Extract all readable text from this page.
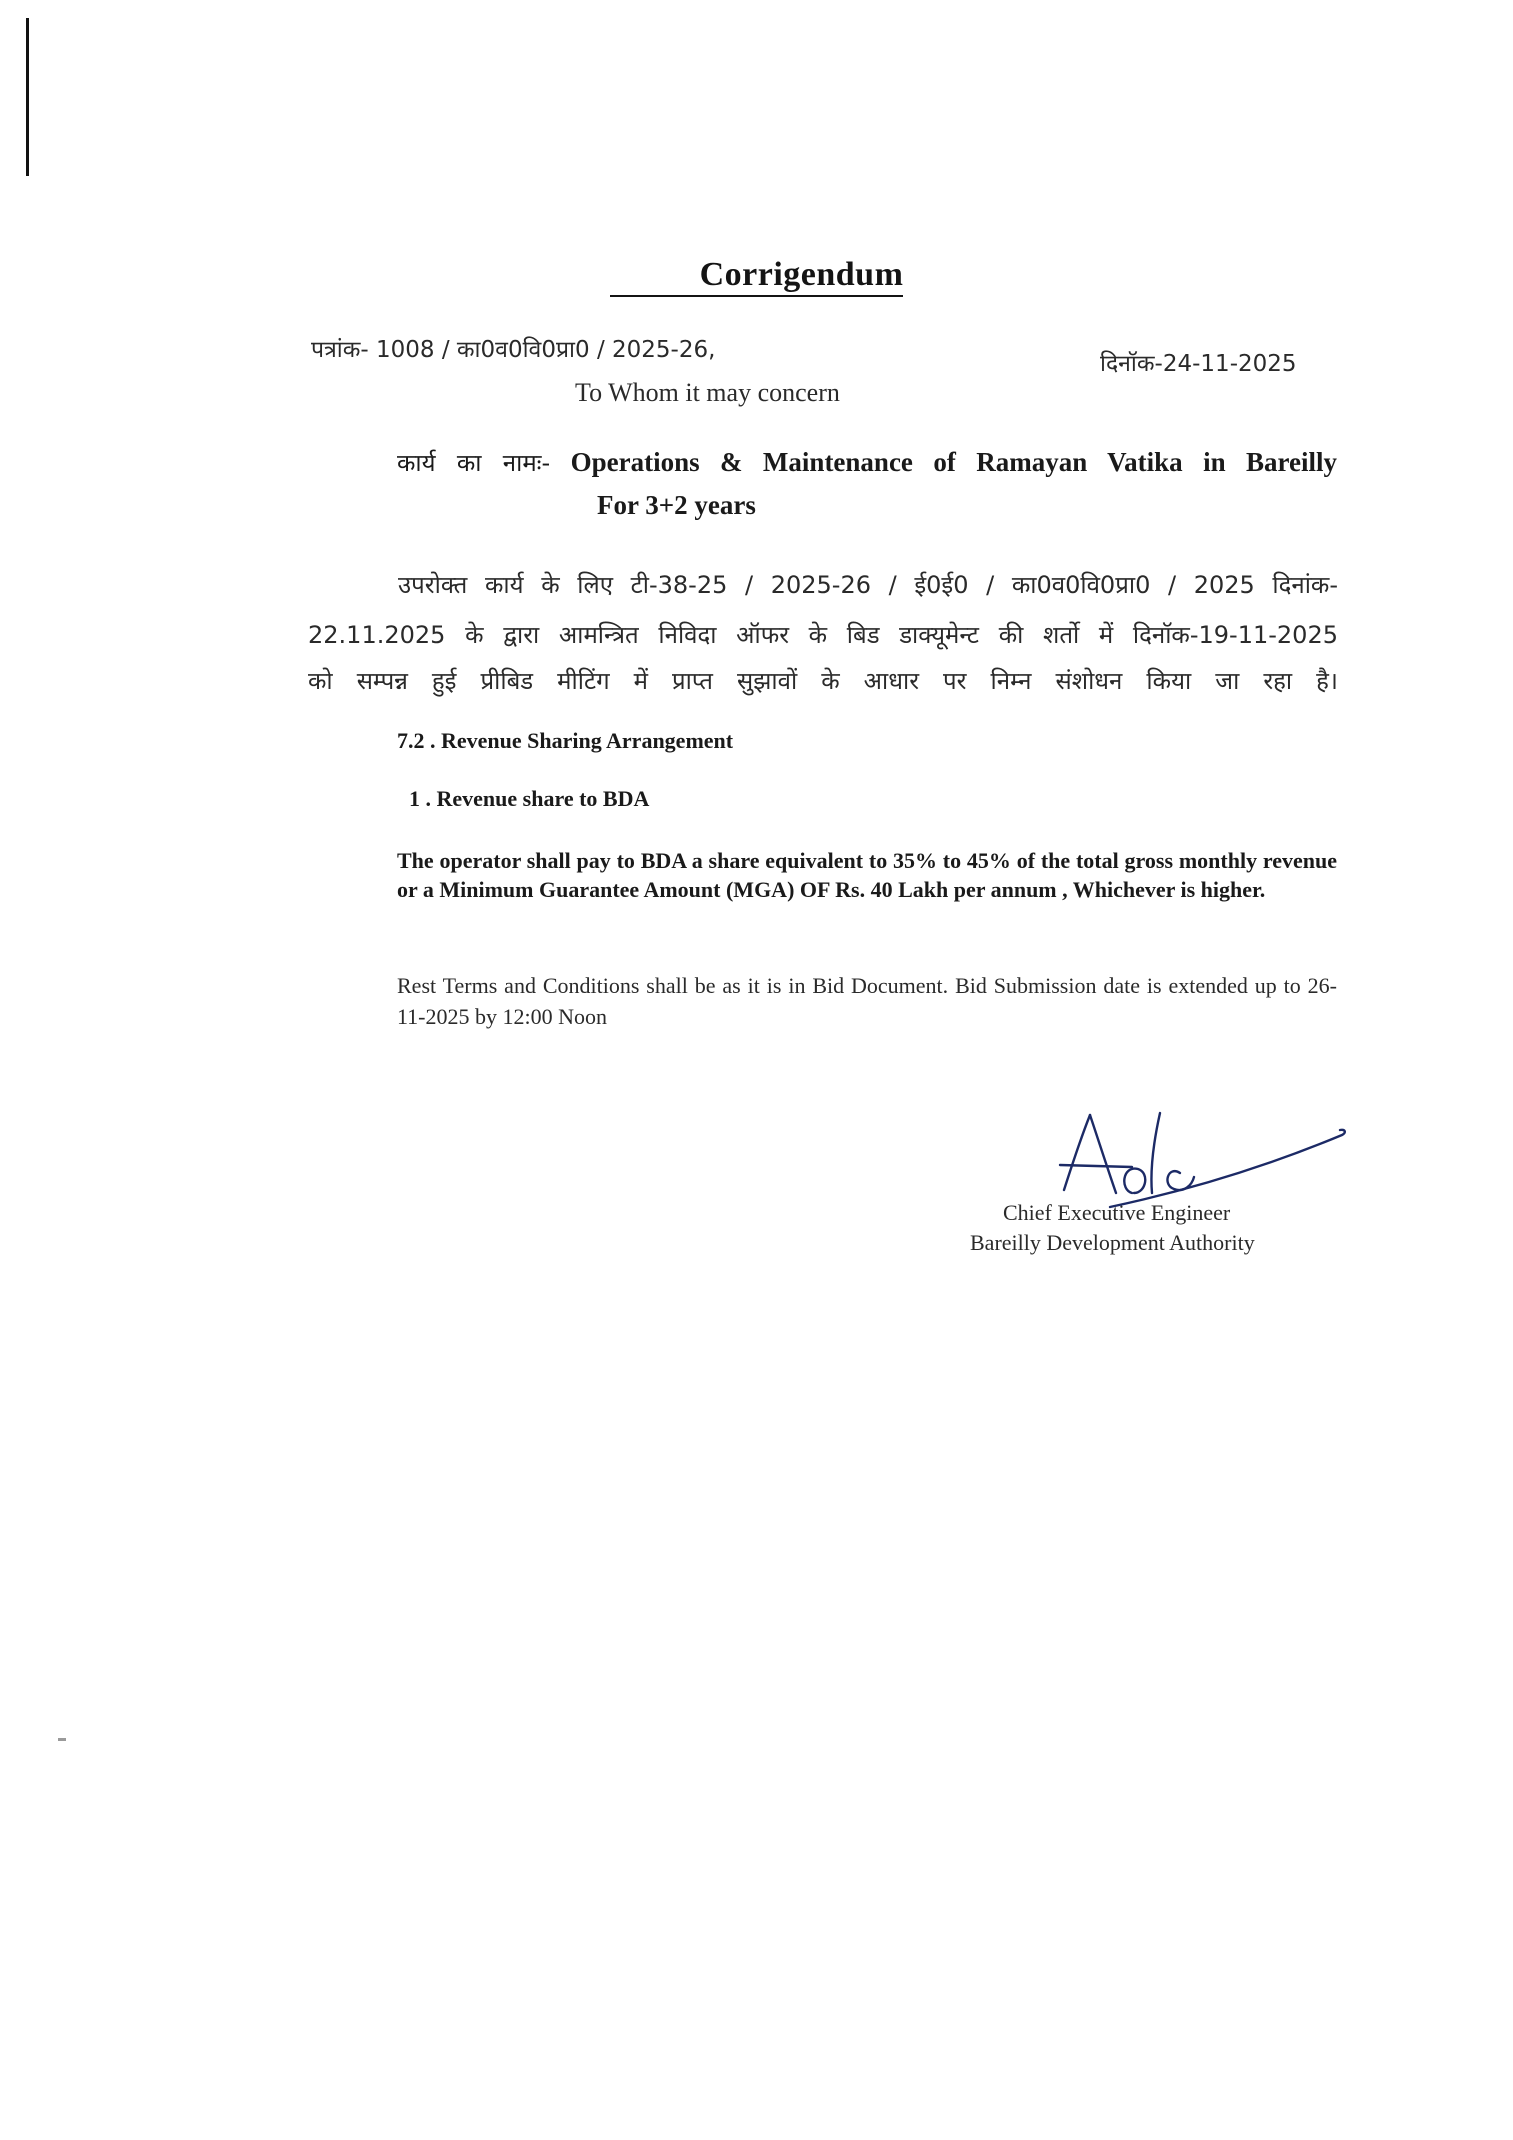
Corrigendum
पत्रांक- 1008 / का0व0वि0प्रा0 / 2025-26,
दिनॉक-24-11-2025
To Whom it may concern
कार्य का नामः- Operations & Maintenance of Ramayan Vatika in Bareilly
For 3+2 years
उपरोक्त कार्य के लिए टी-38-25 / 2025-26 / ई0ई0 / का0व0वि0प्रा0 / 2025 दिनांक-
22.11.2025 के द्वारा आमन्त्रित निविदा ऑफर के बिड डाक्यूमेन्ट की शर्तो में दिनॉक-19-11-2025
को सम्पन्न हुई प्रीबिड मीटिंग में प्राप्त सुझावों के आधार पर निम्न संशोधन किया जा रहा है।
7.2 . Revenue Sharing Arrangement
1 . Revenue share to BDA
The operator shall pay to BDA a share equivalent to 35% to 45% of the total gross monthly revenue or a Minimum Guarantee Amount (MGA) OF Rs. 40 Lakh per annum , Whichever is higher.
Rest Terms and Conditions shall be as it is in Bid Document. Bid Submission date is extended up to 26-11-2025 by 12:00 Noon
Chief Executive Engineer
Bareilly Development Authority
